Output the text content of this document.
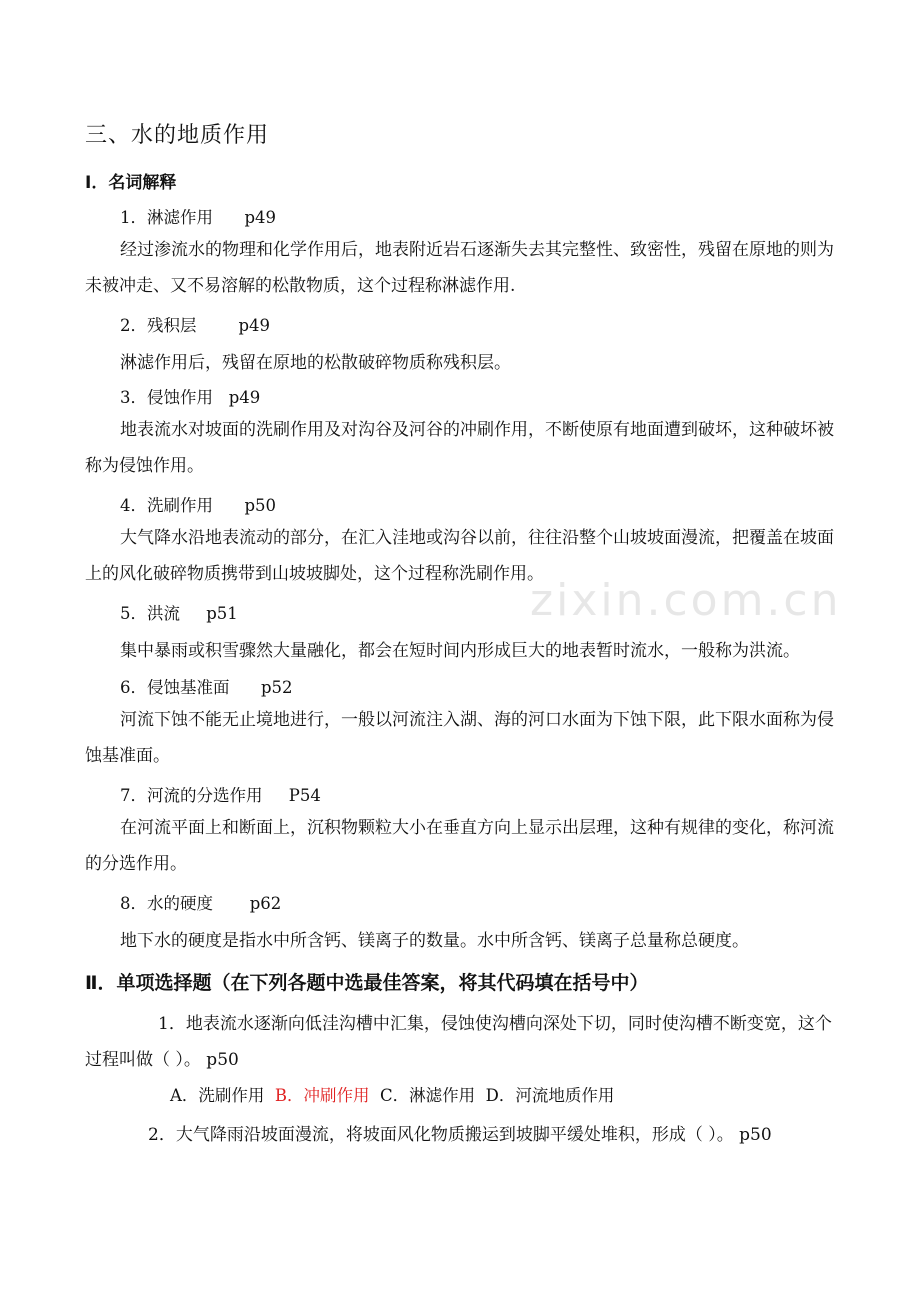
zixin.com.cn
三、水的地质作用
Ⅰ．名词解释
1．淋滤作用      p49

经过渗流水的物理和化学作用后，地表附近岩石逐渐失去其完整性、致密性，残留在原地的则为未被冲走、又不易溶解的松散物质，这个过程称淋滤作用.

2．残积层        p49
淋滤作用后，残留在原地的松散破碎物质称残积层。
3．侵蚀作用   p49

地表流水对坡面的洗刷作用及对沟谷及河谷的冲刷作用，不断使原有地面遭到破坏，这种破坏被称为侵蚀作用。

4．洗刷作用      p50

大气降水沿地表流动的部分，在汇入洼地或沟谷以前，往往沿整个山坡坡面漫流，把覆盖在坡面上的风化破碎物质携带到山坡坡脚处，这个过程称洗刷作用。

5．洪流     p51
集中暴雨或积雪骤然大量融化，都会在短时间内形成巨大的地表暂时流水，一般称为洪流。
6．侵蚀基准面      p52

河流下蚀不能无止境地进行，一般以河流注入湖、海的河口水面为下蚀下限，此下限水面称为侵蚀基准面。

7．河流的分选作用     P54

在河流平面上和断面上，沉积物颗粒大小在垂直方向上显示出层理，这种有规律的变化，称河流的分选作用。

8．水的硬度       p62
地下水的硬度是指水中所含钙、镁离子的数量。水中所含钙、镁离子总量称总硬度。
Ⅱ．单项选择题（在下列各题中选最佳答案，将其代码填在括号中）

1．地表流水逐渐向低洼沟槽中汇集，侵蚀使沟槽向深处下切，同时使沟槽不断变宽，这个过程叫做（ ）。 p50

A．洗刷作用  B．冲刷作用  C．淋滤作用  D．河流地质作用
2．大气降雨沿坡面漫流，将坡面风化物质搬运到坡脚平缓处堆积，形成（ ）。 p50
